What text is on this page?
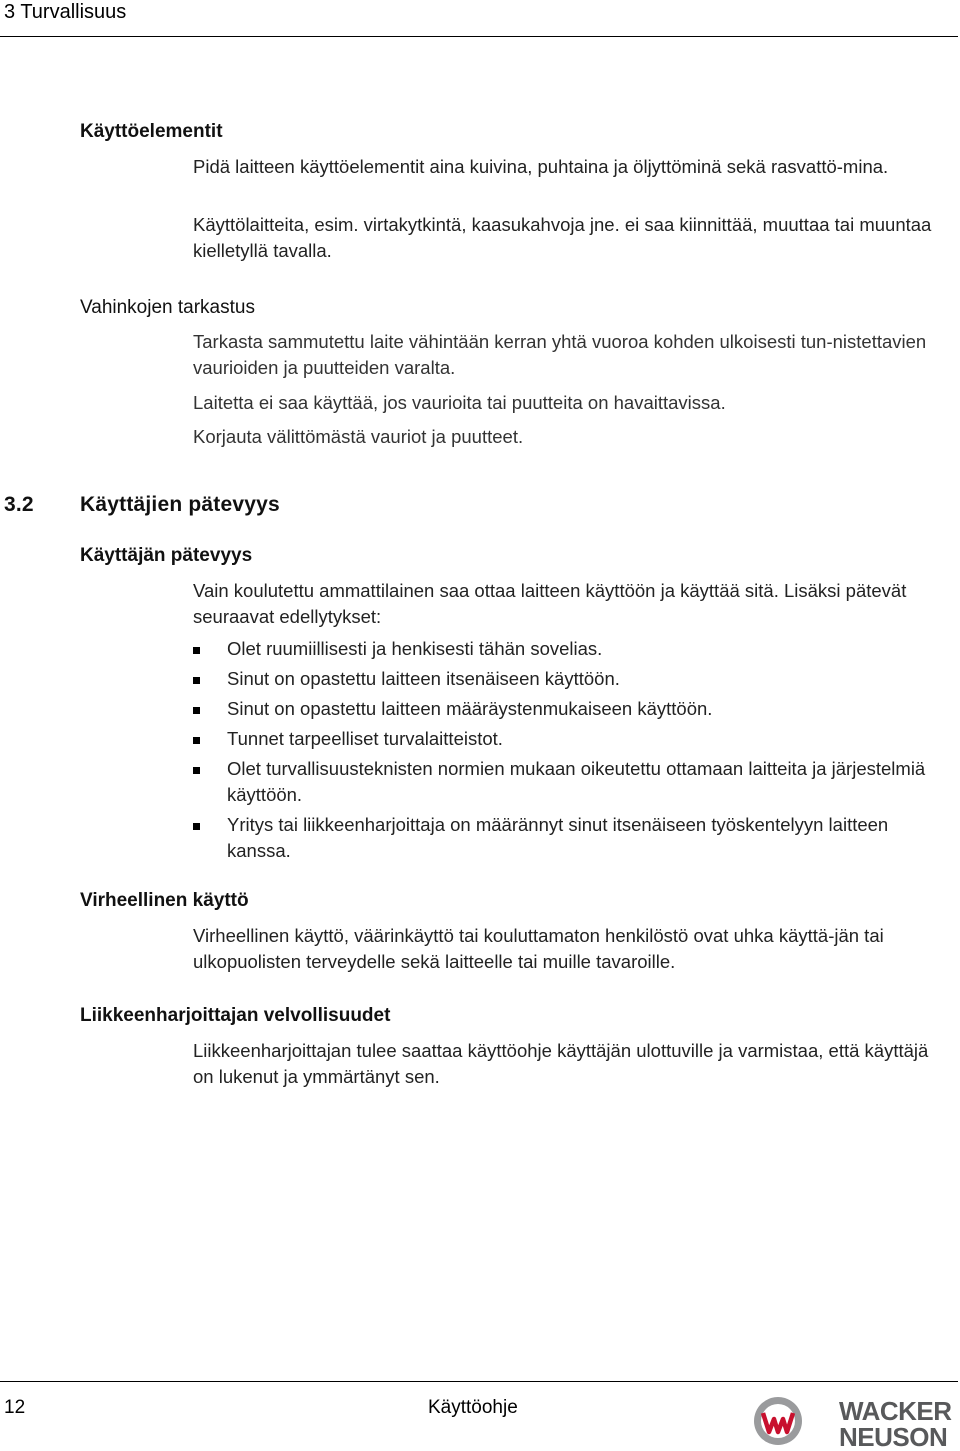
3 Turvallisuus
Käyttöelementit
Pidä laitteen käyttöelementit aina kuivina, puhtaina ja öljyttöminä sekä rasvattö-mina.
Käyttölaitteita, esim. virtakytkintä, kaasukahvoja jne. ei saa kiinnittää, muuttaa tai muuntaa kielletyllä tavalla.
Vahinkojen tarkastus
Tarkasta sammutettu laite vähintään kerran yhtä vuoroa kohden ulkoisesti tun-nistettavien vaurioiden ja puutteiden varalta.
Laitetta ei saa käyttää, jos vaurioita tai puutteita on havaittavissa.
Korjauta välittömästä vauriot ja puutteet.
3.2 Käyttäjien pätevyys
Käyttäjän pätevyys
Vain koulutettu ammattilainen saa ottaa laitteen käyttöön ja käyttää sitä. Lisäksi pätevät seuraavat edellytykset:
Olet ruumiillisesti ja henkisesti tähän sovelias.
Sinut on opastettu laitteen itsenäiseen käyttöön.
Sinut on opastettu laitteen määräystenmukaiseen käyttöön.
Tunnet tarpeelliset turvalaitteistot.
Olet turvallisuusteknisten normien mukaan oikeutettu ottamaan laitteita ja järjestelmiä käyttöön.
Yritys tai liikkeenharjoittaja on määrännyt sinut itsenäiseen työskentelyyn laitteen kanssa.
Virheellinen käyttö
Virheellinen käyttö, väärinkäyttö tai kouluttamaton henkilöstö ovat uhka käyttä-jän tai ulkopuolisten terveydelle sekä laitteelle tai muille tavaroille.
Liikkeenharjoittajan velvollisuudet
Liikkeenharjoittajan tulee saattaa käyttöohje käyttäjän ulottuville ja varmistaa, että käyttäjä on lukenut ja ymmärtänyt sen.
12	Käyttöohje	WACKER
NEUSON
